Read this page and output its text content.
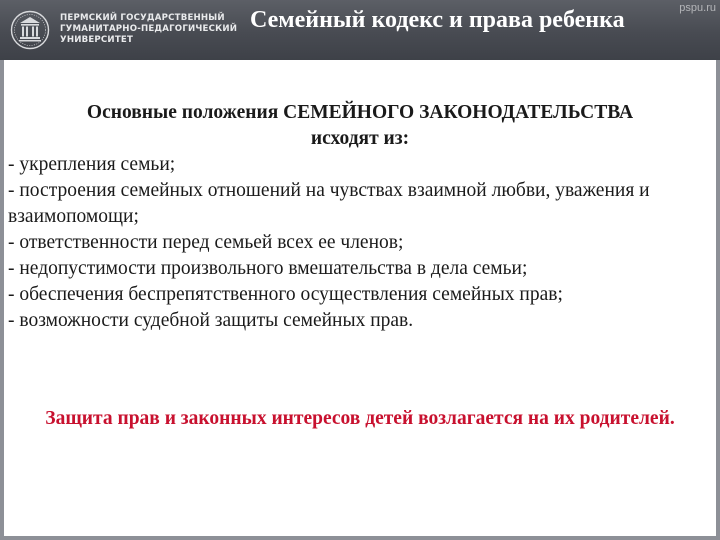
ПЕРМСКИЙ ГОСУДАРСТВЕННЫЙ
ГУМАНИТАРНО-ПЕДАГОГИЧЕСКИЙ
УНИВЕРСИТЕТ
Семейный кодекс и права ребенка	pspu.ru
Основные положения СЕМЕЙНОГО ЗАКОНОДАТЕЛЬСТВА
исходят из:
- укрепления семьи;
- построения семейных отношений на чувствах взаимной любви, уважения и взаимопомощи;
- ответственности перед семьей всех ее членов;
- недопустимости произвольного вмешательства в дела семьи;
- обеспечения беспрепятственного осуществления семейных прав;
- возможности судебной защиты семейных прав.
Защита прав и законных интересов детей возлагается на их родителей.
